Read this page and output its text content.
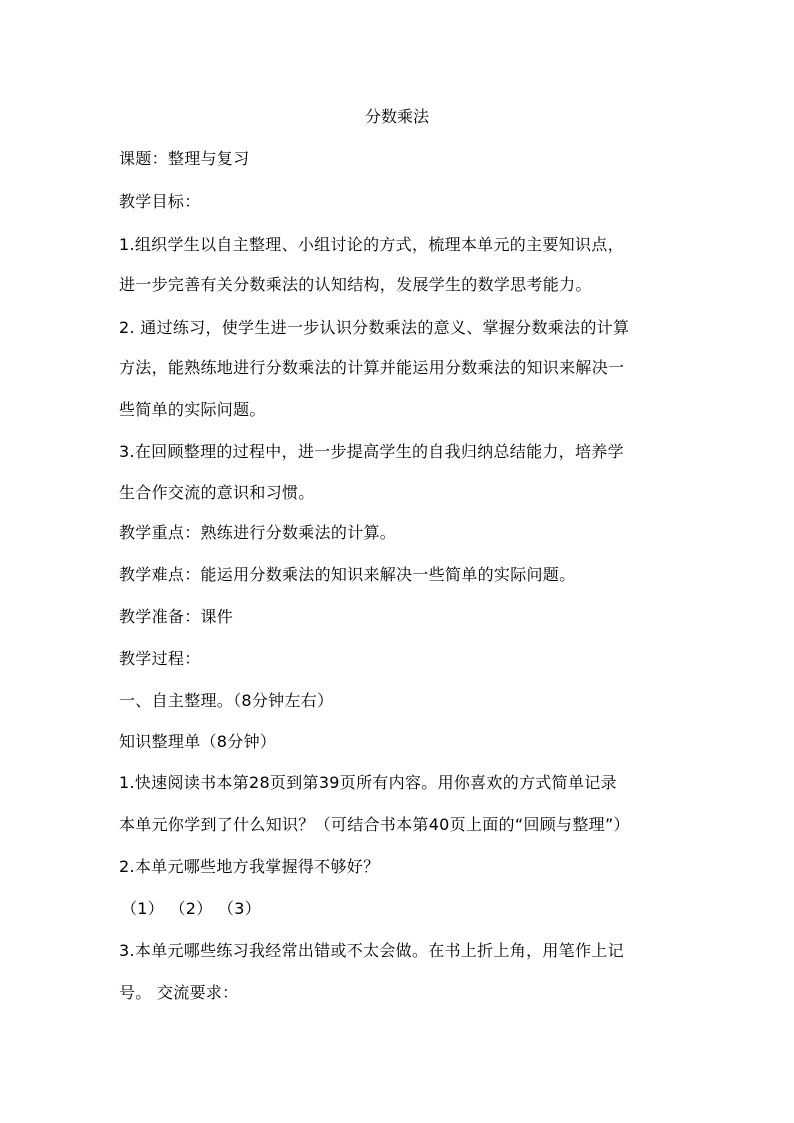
分数乘法
课题：整理与复习
教学目标：
1.组织学生以自主整理、小组讨论的方式，梳理本单元的主要知识点，
进一步完善有关分数乘法的认知结构，发展学生的数学思考能力。
2. 通过练习，使学生进一步认识分数乘法的意义、掌握分数乘法的计算
方法，能熟练地进行分数乘法的计算并能运用分数乘法的知识来解决一
些简单的实际问题。
3.在回顾整理的过程中，进一步提高学生的自我归纳总结能力，培养学
生合作交流的意识和习惯。
教学重点：熟练进行分数乘法的计算。
教学难点：能运用分数乘法的知识来解决一些简单的实际问题。
教学准备：课件
教学过程：
一、自主整理。（8分钟左右）
知识整理单（8分钟）
1.快速阅读书本第28页到第39页所有内容。用你喜欢的方式简单记录
本单元你学到了什么知识？（可结合书本第40页上面的“回顾与整理”）
2.本单元哪些地方我掌握得不够好？
（1） （2） （3）
3.本单元哪些练习我经常出错或不太会做。在书上折上角，用笔作上记
号。 交流要求：
